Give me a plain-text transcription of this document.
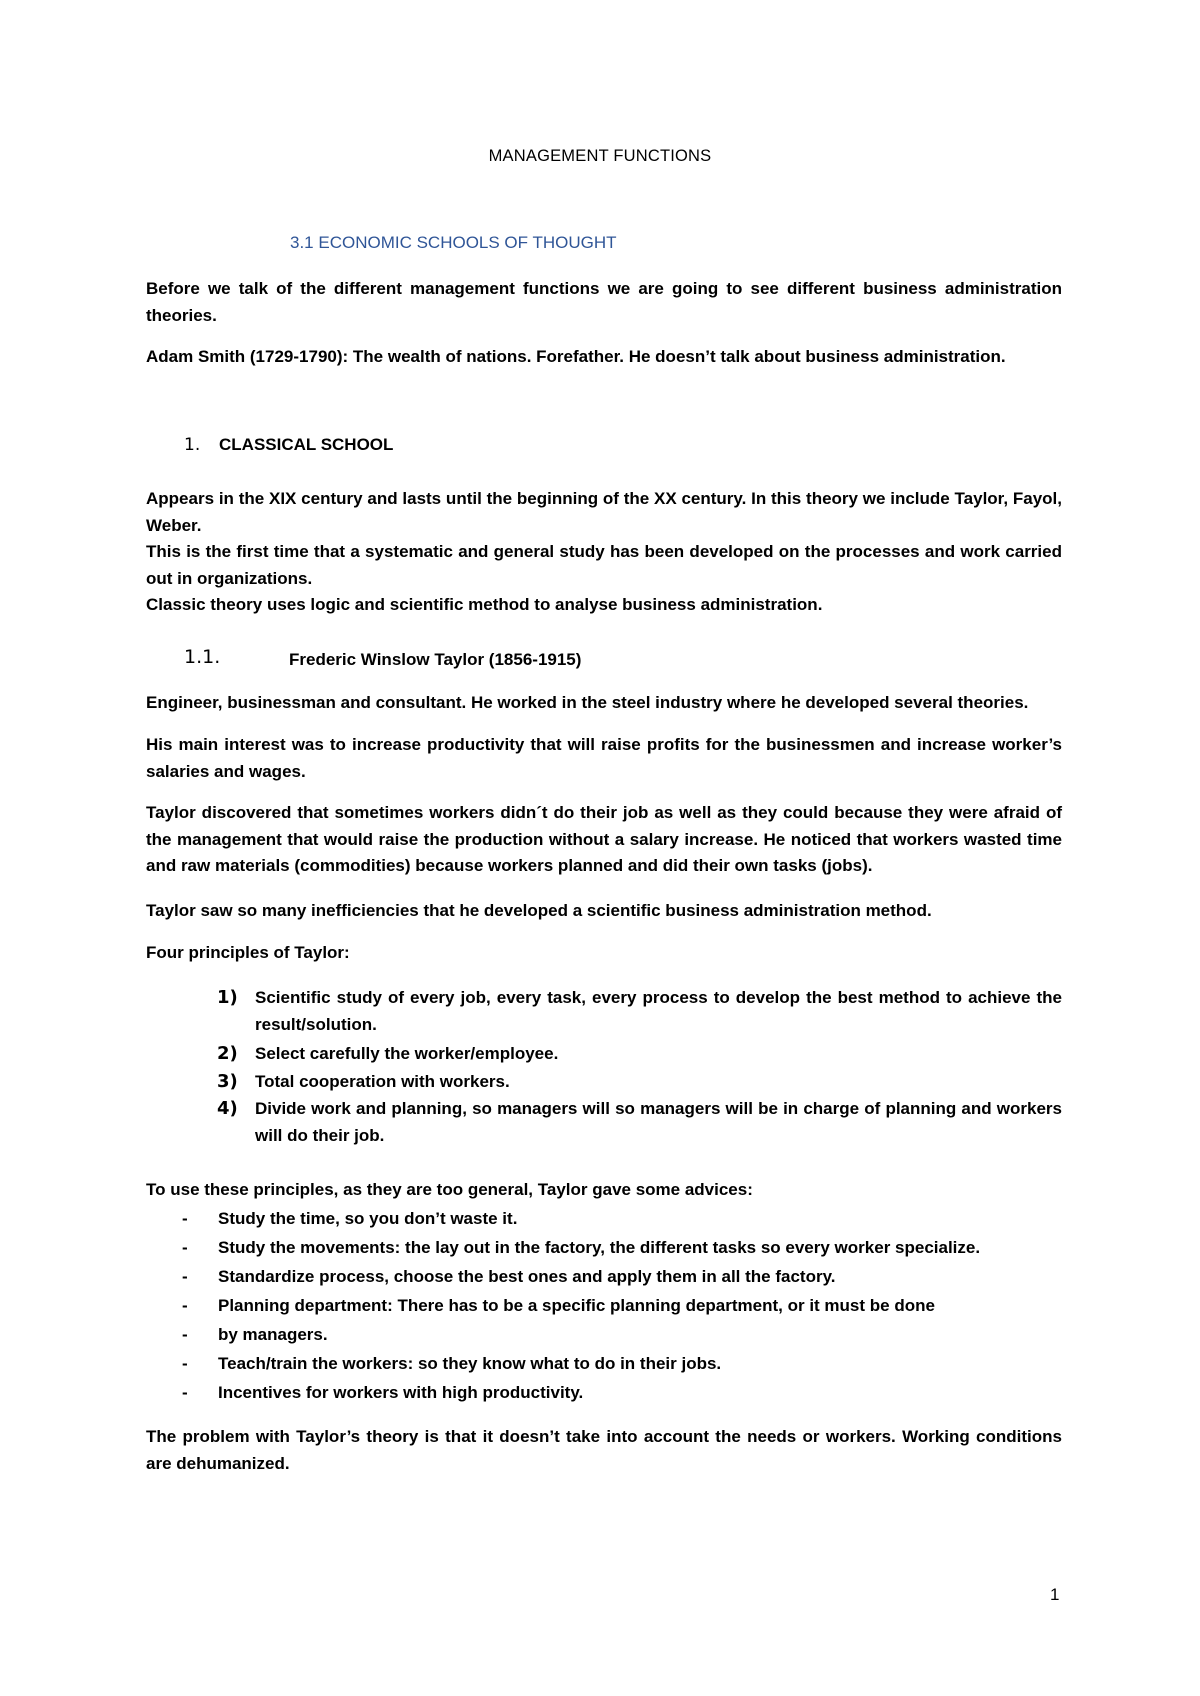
MANAGEMENT FUNCTIONS
3.1 ECONOMIC SCHOOLS OF THOUGHT
Before we talk of the different management functions we are going to see different business administration theories.
Adam Smith (1729-1790): The wealth of nations. Forefather. He doesn’t talk about business administration.
1. CLASSICAL SCHOOL
Appears in the XIX century and lasts until the beginning of the XX century. In this theory we include Taylor, Fayol, Weber.
This is the first time that a systematic and general study has been developed on the processes and work carried out in organizations.
Classic theory uses logic and scientific method to analyse business administration.
1.1.	Frederic Winslow Taylor (1856-1915)
Engineer, businessman and consultant. He worked in the steel industry where he developed several theories.
His main interest was to increase productivity that will raise profits for the businessmen and increase worker’s salaries and wages.
Taylor discovered that sometimes workers didn´t do their job as well as they could because they were afraid of the management that would raise the production without a salary increase. He noticed that workers wasted time and raw materials (commodities) because workers planned and did their own tasks (jobs).
Taylor saw so many inefficiencies that he developed a scientific business administration method.
Four principles of Taylor:
1)	Scientific study of every job, every task, every process to develop the best method to achieve the result/solution.
2)	Select carefully the worker/employee.
3)	Total cooperation with workers.
4)	Divide work and planning, so managers will so managers will be in charge of planning and workers will do their job.
To use these principles, as they are too general, Taylor gave some advices:
- Study the time, so you don’t waste it.
- Study the movements: the lay out in the factory, the different tasks so every worker specialize.
- Standardize process, choose the best ones and apply them in all the factory.
- Planning department: There has to be a specific planning department, or it must be done
- by managers.
- Teach/train the workers: so they know what to do in their jobs.
- Incentives for workers with high productivity.
The problem with Taylor’s theory is that it doesn’t take into account the needs or workers. Working conditions are dehumanized.
1
